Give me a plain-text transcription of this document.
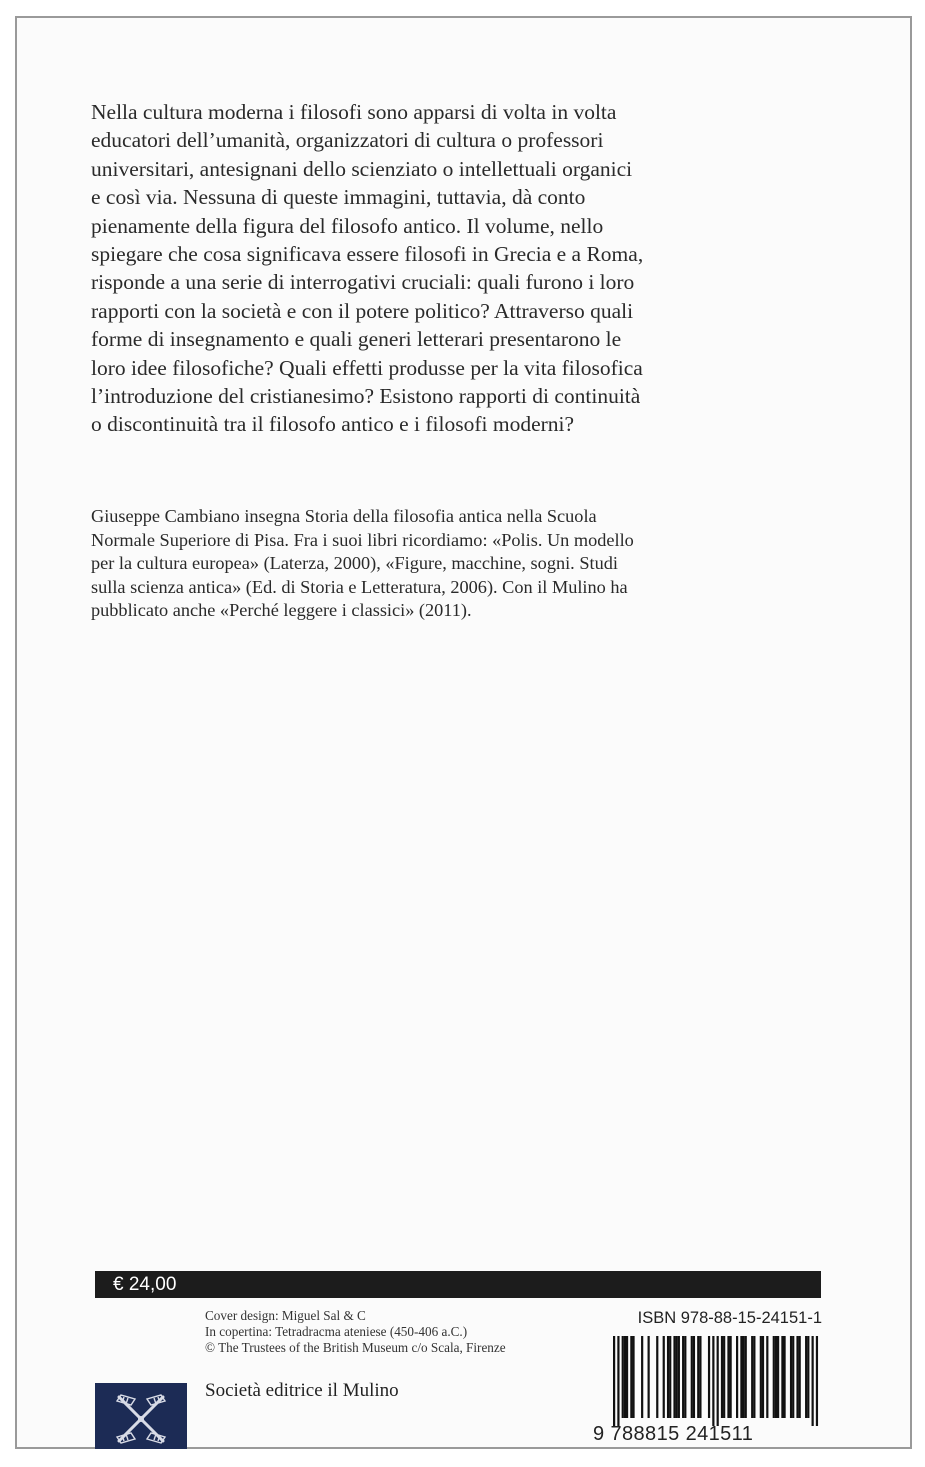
Nella cultura moderna i filosofi sono apparsi di volta in volta
educatori dell’umanità, organizzatori di cultura o professori
universitari, antesignani dello scienziato o intellettuali organici
e così via. Nessuna di queste immagini, tuttavia, dà conto
pienamente della figura del filosofo antico. Il volume, nello
spiegare che cosa significava essere filosofi in Grecia e a Roma,
risponde a una serie di interrogativi cruciali: quali furono i loro
rapporti con la società e con il potere politico? Attraverso quali
forme di insegnamento e quali generi letterari presentarono le
loro idee filosofiche? Quali effetti produsse per la vita filosofica
l’introduzione del cristianesimo? Esistono rapporti di continuità
o discontinuità tra il filosofo antico e i filosofi moderni?
Giuseppe Cambiano insegna Storia della filosofia antica nella Scuola
Normale Superiore di Pisa. Fra i suoi libri ricordiamo: «Polis. Un modello
per la cultura europea» (Laterza, 2000), «Figure, macchine, sogni. Studi
sulla scienza antica» (Ed. di Storia e Letteratura, 2006). Con il Mulino ha
pubblicato anche «Perché leggere i classici» (2011).
€ 24,00
Cover design: Miguel Sal & C
In copertina: Tetradracma ateniese (450-406 a.C.)
© The Trustees of the British Museum c/o Scala, Firenze
ISBN 978-88-15-24151-1
Società editrice il Mulino
9 788815 241511
